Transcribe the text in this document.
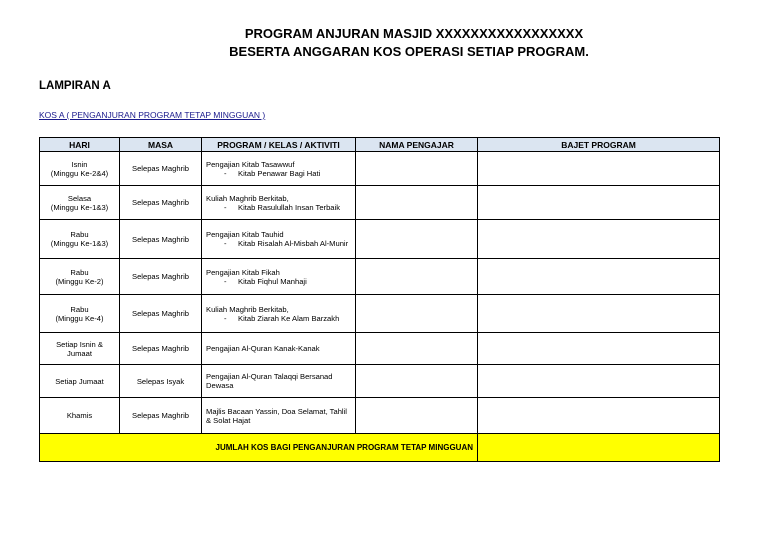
PROGRAM ANJURAN MASJID XXXXXXXXXXXXXXXXX
BESERTA ANGGARAN KOS OPERASI SETIAP PROGRAM.
LAMPIRAN A
KOS A ( PENGANJURAN PROGRAM TETAP MINGGUAN )
HARI	MASA	PROGRAM / KELAS / AKTIVITI	NAMA PENGAJAR	BAJET PROGRAM
Isnin
(Minggu Ke-2&4)	Selepas Maghrib	Pengajian Kitab Tasawwuf
- Kitab Penawar Bagi Hati		

Selasa
(Minggu Ke-1&3)	Selepas Maghrib	Kuliah Maghrib Berkitab,
- Kitab Rasulullah Insan Terbaik		

Rabu
(Minggu Ke-1&3)	Selepas Maghrib	Pengajian Kitab Tauhid
- Kitab Risalah Al-Misbah Al-Munir		

Rabu
(Minggu Ke-2)	Selepas Maghrib	Pengajian Kitab Fikah
- Kitab Fiqhul Manhaji		

Rabu
(Minggu Ke-4)	Selepas Maghrib	Kuliah Maghrib Berkitab,
- Kitab Ziarah Ke Alam Barzakh		

Setiap Isnin &
Jumaat	Selepas Maghrib	Pengajian Al-Quran Kanak-Kanak		
Setiap Jumaat	Selepas Isyak	Pengajian Al-Quran Talaqqi Bersanad Dewasa		
Khamis	Selepas Maghrib	Majlis Bacaan Yassin, Doa Selamat, Tahlil & Solat Hajat		
JUMLAH KOS BAGI PENGANJURAN PROGRAM TETAP MINGGUAN				
